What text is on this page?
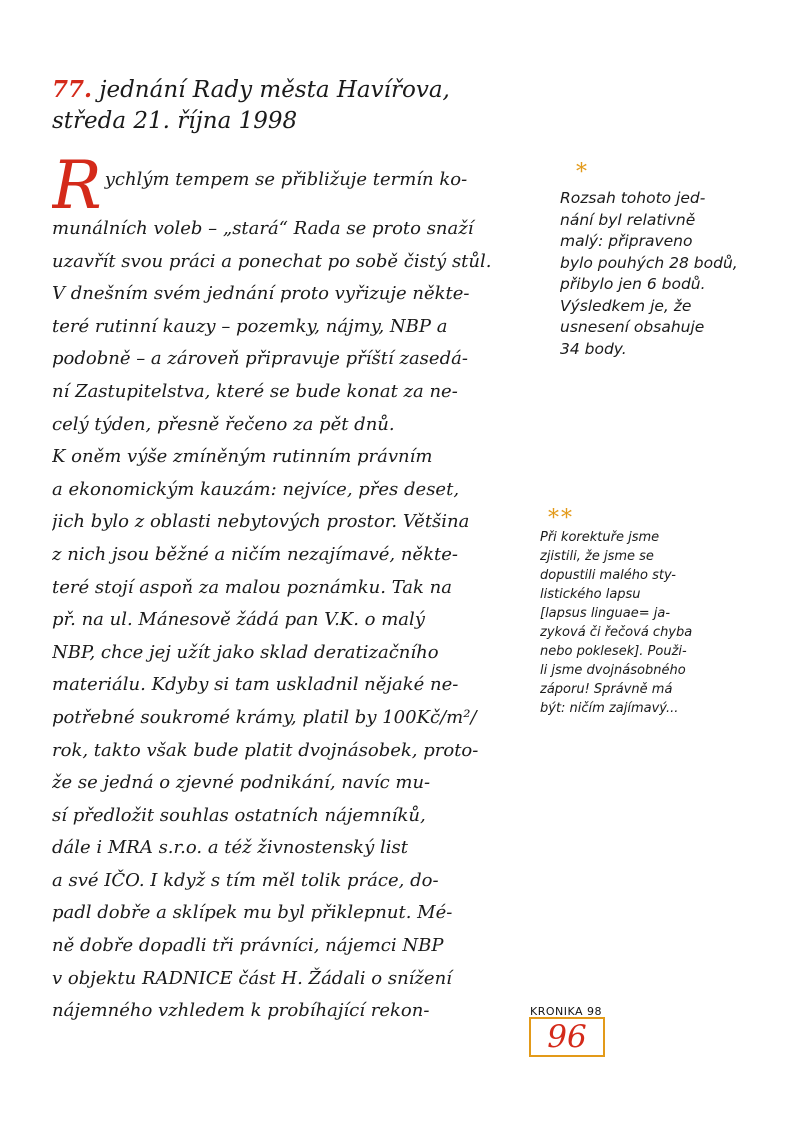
77. jednání Rady města Havířova,
středa 21. října 1998
Rychlým tempem se přibližuje termín ko-
munálních voleb – „stará“ Rada se proto snaží
uzavřít svou práci a ponechat po sobě čistý stůl.
V dnešním svém jednání proto vyřizuje někte-
teré rutinní kauzy – pozemky, nájmy, NBP a
podobně – a zároveň připravuje příští zasedá-
ní Zastupitelstva, které se bude konat za ne-
celý týden, přesně řečeno za pět dnů.
K oněm výše zmíněným rutinním právním
a ekonomickým kauzám: nejvíce, přes deset,
jich bylo z oblasti nebytových prostor. Většina
z nich jsou běžné a ničím nezajímavé, někte-
teré stojí aspoň za malou poznámku. Tak na
př. na ul. Mánesově žádá pan V.K. o malý
NBP, chce jej užít jako sklad deratizačního
materiálu. Kdyby si tam uskladnil nějaké ne-
potřebné soukromé krámy, platil by 100Kč/m²/
rok, takto však bude platit dvojnásobek, proto-
že se jedná o zjevné podnikání, navíc mu-
sí předložit souhlas ostatních nájemníků,
dále i MRA s.r.o. a též živnostenský list
a své IČO. I když s tím měl tolik práce, do-
padl dobře a sklípek mu byl přiklepnut. Mé-
ně dobře dopadli tři právníci, nájemci NBP
v objektu RADNICE část H. Žádali o snížení
nájemného vzhledem k probíhající rekon-
*
Rozsah tohoto jed-
nání byl relativně
malý: připraveno
bylo pouhých 28 bodů,
přibylo jen 6 bodů.
Výsledkem je, že
usnesení obsahuje
34 body.
**
Při korektuře jsme
zjistili, že jsme se
dopustili malého sty-
listického lapsu
[lapsus linguae= ja-
zyková či řečová chyba
nebo poklesek]. Použi-
li jsme dvojnásobného
záporu! Správně má
být: ničím zajímavý...
KRONIKA 98
96
